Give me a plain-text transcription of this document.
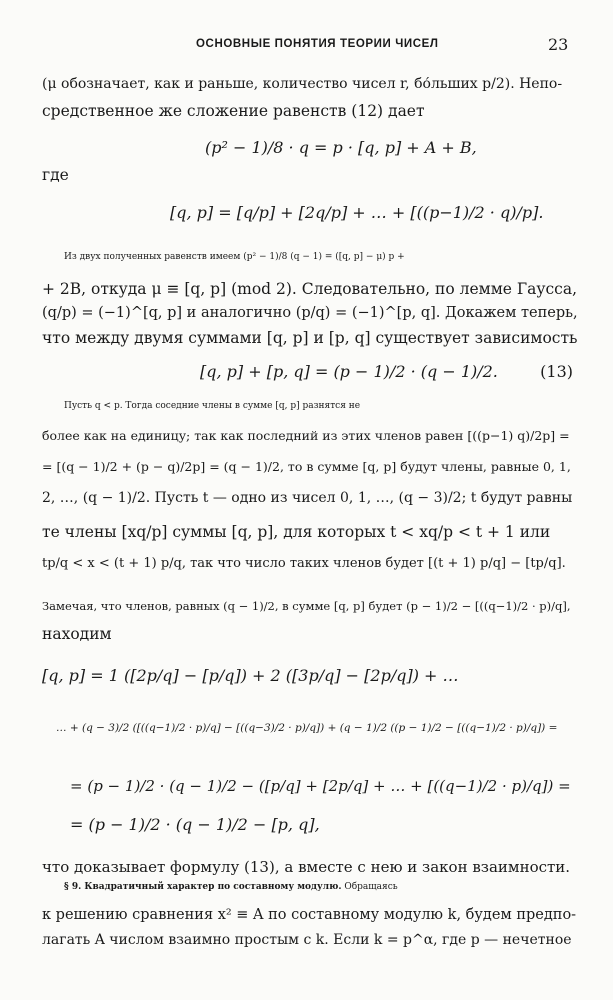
ОСНОВНЫЕ ПОНЯТИЯ ТЕОРИИ ЧИСЕЛ	23
(μ обозначает, как и раньше, количество чисел r, бо́льших p/2). Непо-
средственное же сложение равенств (12) дает
(p² − 1)/8 · q = p · [q, p] + A + B,
где
[q, p] = [q/p] + [2q/p] + … + [((p−1)/2 · q)/p].
Из двух полученных равенств имеем (p² − 1)/8 (q − 1) = ([q, p] − μ) p +
+ 2B, откуда μ ≡ [q, p] (mod 2). Следовательно, по лемме Гаусса,
(q/p) = (−1)^[q, p] и аналогично (p/q) = (−1)^[p, q]. Докажем теперь,
что между двумя суммами [q, p] и [p, q] существует зависимость
[q, p] + [p, q] = (p − 1)/2 · (q − 1)/2.	(13)
Пусть q < p. Тогда соседние члены в сумме [q, p] разнятся не
более как на единицу; так как последний из этих членов равен [((p−1) q)/2p] =
= [(q − 1)/2 + (p − q)/2p] = (q − 1)/2, то в сумме [q, p] будут члены, равные 0, 1,
2, …, (q − 1)/2. Пусть t — одно из чисел 0, 1, …, (q − 3)/2; t будут равны
те члены [xq/p] суммы [q, p], для которых t < xq/p < t + 1 или
tp/q < x < (t + 1) p/q, так что число таких членов будет [(t + 1) p/q] − [tp/q].
Замечая, что членов, равных (q − 1)/2, в сумме [q, p] будет (p − 1)/2 − [((q−1)/2 · p)/q],
находим
[q, p] = 1 ([2p/q] − [p/q]) + 2 ([3p/q] − [2p/q]) + …
… + (q − 3)/2 ([((q−1)/2 · p)/q] − [((q−3)/2 · p)/q]) + (q − 1)/2 ((p − 1)/2 − [((q−1)/2 · p)/q]) =
= (p − 1)/2 · (q − 1)/2 − ([p/q] + [2p/q] + … + [((q−1)/2 · p)/q]) =
= (p − 1)/2 · (q − 1)/2 − [p, q],
что доказывает формулу (13), а вместе с нею и закон взаимности.
§ 9. Квадратичный характер по составному модулю. Обращаясь
к решению сравнения x² ≡ A по составному модулю k, будем предпо-
лагать A числом взаимно простым с k. Если k = p^α, где p — нечетное
